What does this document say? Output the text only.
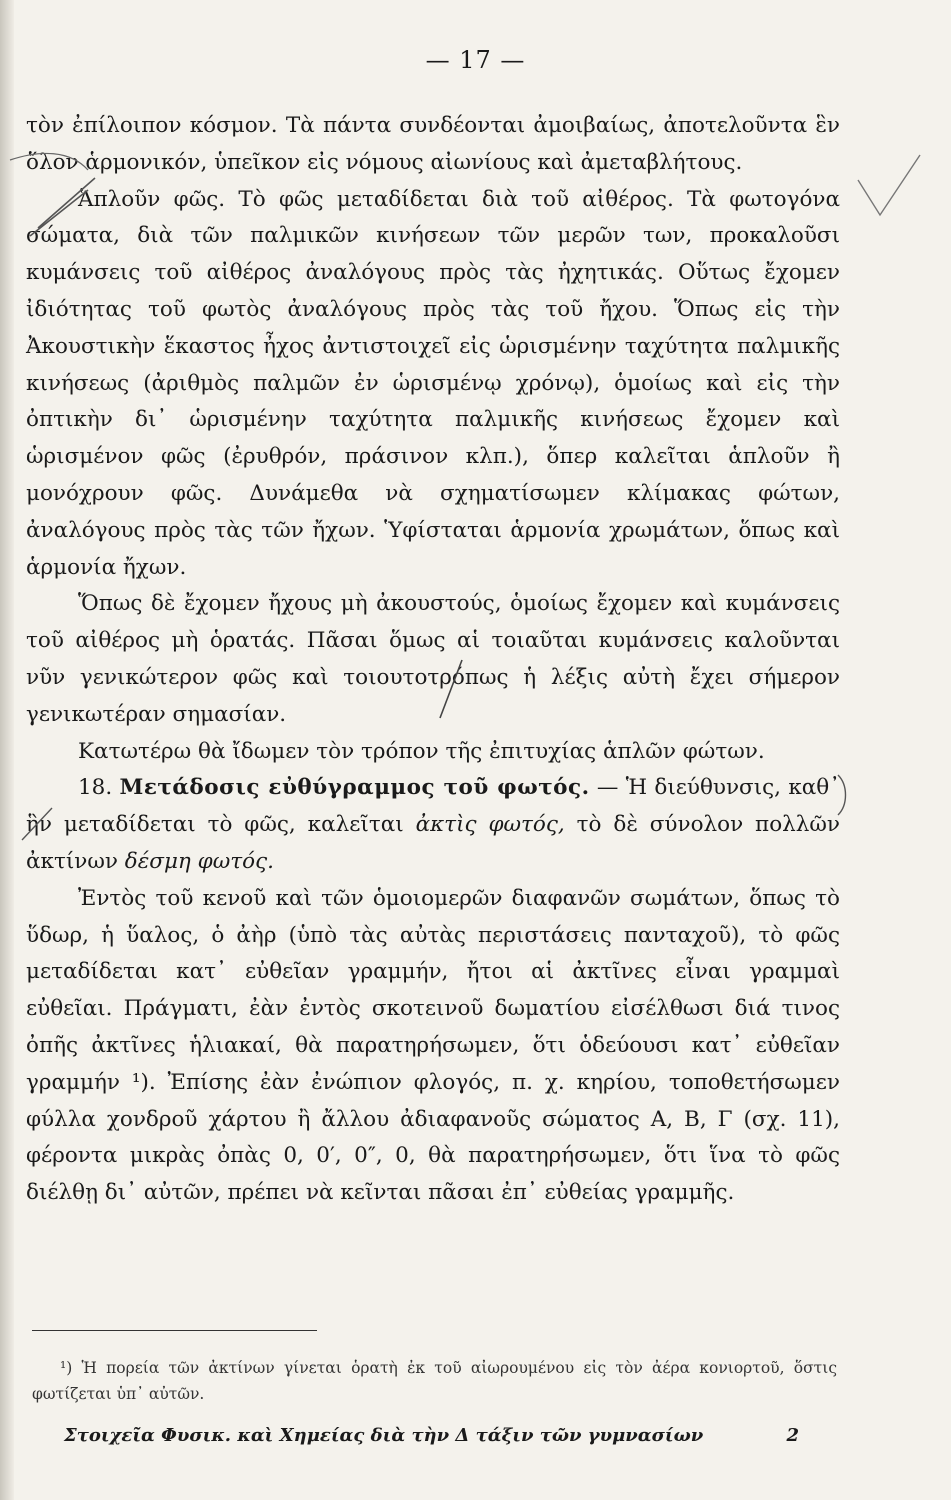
— 17 —

τὸν ἐπίλοιπον κόσμον. Τὰ πάντα συνδέονται ἀμοιβαίως, ἀποτελοῦντα ἓν ὅλον ἁρμονικόν, ὑπεῖκον εἰς νόμους αἰωνίους καὶ ἀμεταβλήτους.

Ἁπλοῦν φῶς. Τὸ φῶς μεταδίδεται διὰ τοῦ αἰθέρος. Τὰ φωτογόνα σώματα, διὰ τῶν παλμικῶν κινήσεων τῶν μερῶν των, προκαλοῦσι κυμάνσεις τοῦ αἰθέρος ἀναλόγους πρὸς τὰς ἠχητικάς. Οὕτως ἔχομεν ἰδιότητας τοῦ φωτὸς ἀναλόγους πρὸς τὰς τοῦ ἤχου. Ὅπως εἰς τὴν Ἀκουστικὴν ἕκαστος ἦχος ἀντιστοιχεῖ εἰς ὡρισμένην ταχύτητα παλμικῆς κινήσεως (ἀριθμὸς παλμῶν ἐν ὡρισμένῳ χρόνῳ), ὁμοίως καὶ εἰς τὴν ὀπτικὴν δι᾿ ὡρισμένην ταχύτητα παλμικῆς κινήσεως ἔχομεν καὶ ὡρισμένον φῶς (ἐρυθρόν, πράσινον κλπ.), ὅπερ καλεῖται ἁπλοῦν ἢ μονόχρουν φῶς. Δυνάμεθα νὰ σχηματίσωμεν κλίμακας φώτων, ἀναλόγους πρὸς τὰς τῶν ἤχων. Ὑφίσταται ἁρμονία χρωμάτων, ὅπως καὶ ἁρμονία ἤχων.

Ὅπως δὲ ἔχομεν ἤχους μὴ ἀκουστούς, ὁμοίως ἔχομεν καὶ κυμάνσεις τοῦ αἰθέρος μὴ ὁρατάς. Πᾶσαι ὅμως αἱ τοιαῦται κυμάνσεις καλοῦνται νῦν γενικώτερον φῶς καὶ τοιουτοτρόπως ἡ λέξις αὐτὴ ἔχει σήμερον γενικωτέραν σημασίαν.

Κατωτέρω θὰ ἴδωμεν τὸν τρόπον τῆς ἐπιτυχίας ἁπλῶν φώτων.

18. Μετάδοσις εὐθύγραμμος τοῦ φωτός. — Ἡ διεύθυνσις, καθ᾿ ἣν μεταδίδεται τὸ φῶς, καλεῖται ἀκτὶς φωτός, τὸ δὲ σύνολον πολλῶν ἀκτίνων δέσμη φωτός.

Ἐντὸς τοῦ κενοῦ καὶ τῶν ὁμοιομερῶν διαφανῶν σωμάτων, ὅπως τὸ ὕδωρ, ἡ ὕαλος, ὁ ἀὴρ (ὑπὸ τὰς αὐτὰς περιστάσεις πανταχοῦ), τὸ φῶς μεταδίδεται κατ᾿ εὐθεῖαν γραμμήν, ἤτοι αἱ ἀκτῖνες εἶναι γραμμαὶ εὐθεῖαι. Πράγματι, ἐὰν ἐντὸς σκοτεινοῦ δωματίου εἰσέλθωσι διά τινος ὀπῆς ἀκτῖνες ἡλιακαί, θὰ παρατηρήσωμεν, ὅτι ὁδεύουσι κατ᾿ εὐθεῖαν γραμμήν ¹). Ἐπίσης ἐὰν ἐνώπιον φλογός, π. χ. κηρίου, τοποθετήσωμεν φύλλα χονδροῦ χάρτου ἢ ἄλλου ἀδιαφανοῦς σώματος Α, Β, Γ (σχ. 11), φέροντα μικρὰς ὀπὰς 0, 0′, 0″, 0, θὰ παρατηρήσωμεν, ὅτι ἵνα τὸ φῶς διέλθῃ δι᾿ αὐτῶν, πρέπει νὰ κεῖνται πᾶσαι ἐπ᾿ εὐθείας γραμμῆς.

¹) Ἡ πορεία τῶν ἀκτίνων γίνεται ὁρατὴ ἐκ τοῦ αἰωρουμένου εἰς τὸν ἀέρα κονιορτοῦ, ὅστις φωτίζεται ὑπ᾿ αὐτῶν.
Στοιχεῖα Φυσικ. καὶ Χημείας διὰ τὴν Δ τάξιν τῶν γυμνασίων	2
